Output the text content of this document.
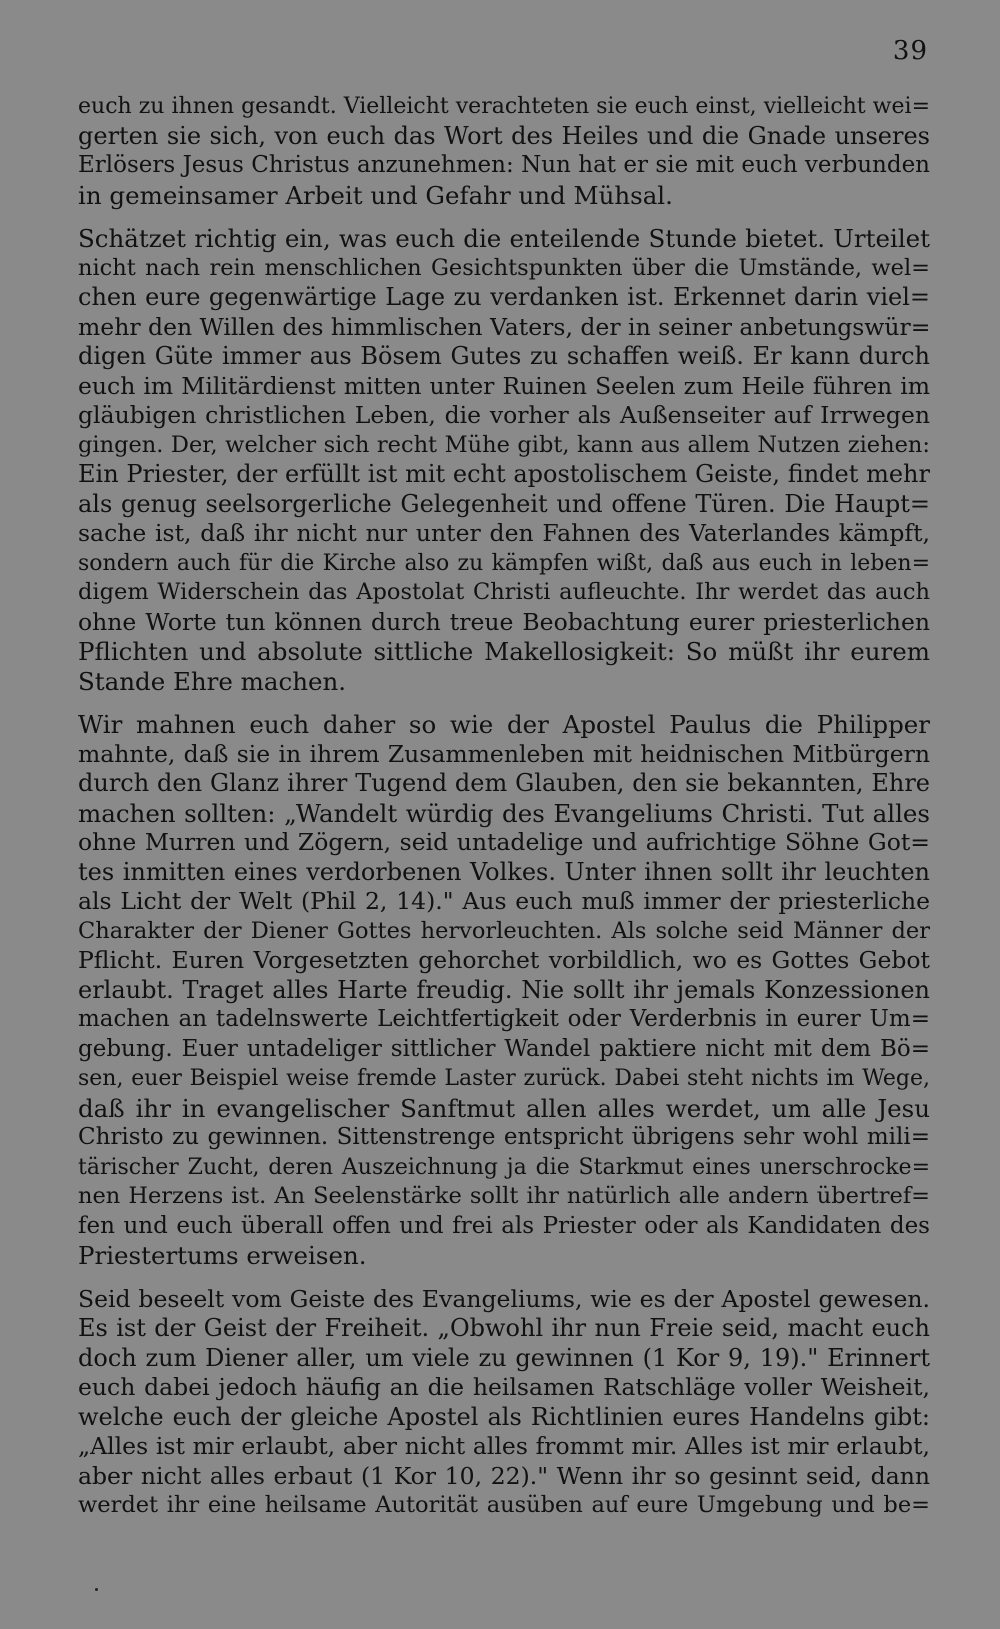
39
euch zu ihnen gesandt. Vielleicht verachteten sie euch einst, vielleicht wei=
gerten sie sich, von euch das Wort des Heiles und die Gnade unseres
Erlösers Jesus Christus anzunehmen: Nun hat er sie mit euch verbunden
in gemeinsamer Arbeit und Gefahr und Mühsal.
Schätzet richtig ein, was euch die enteilende Stunde bietet. Urteilet
nicht nach rein menschlichen Gesichtspunkten über die Umstände, wel=
chen eure gegenwärtige Lage zu verdanken ist. Erkennet darin viel=
mehr den Willen des himmlischen Vaters, der in seiner anbetungswür=
digen Güte immer aus Bösem Gutes zu schaffen weiß. Er kann durch
euch im Militärdienst mitten unter Ruinen Seelen zum Heile führen im
gläubigen christlichen Leben, die vorher als Außenseiter auf Irrwegen
gingen. Der, welcher sich recht Mühe gibt, kann aus allem Nutzen ziehen:
Ein Priester, der erfüllt ist mit echt apostolischem Geiste, findet mehr
als genug seelsorgerliche Gelegenheit und offene Türen. Die Haupt=
sache ist, daß ihr nicht nur unter den Fahnen des Vaterlandes kämpft,
sondern auch für die Kirche also zu kämpfen wißt, daß aus euch in leben=
digem Widerschein das Apostolat Christi aufleuchte. Ihr werdet das auch
ohne Worte tun können durch treue Beobachtung eurer priesterlichen
Pflichten und absolute sittliche Makellosigkeit: So müßt ihr eurem
Stande Ehre machen.
Wir mahnen euch daher so wie der Apostel Paulus die Philipper
mahnte, daß sie in ihrem Zusammenleben mit heidnischen Mitbürgern
durch den Glanz ihrer Tugend dem Glauben, den sie bekannten, Ehre
machen sollten: „Wandelt würdig des Evangeliums Christi. Tut alles
ohne Murren und Zögern, seid untadelige und aufrichtige Söhne Got=
tes inmitten eines verdorbenen Volkes. Unter ihnen sollt ihr leuchten
als Licht der Welt (Phil 2, 14)." Aus euch muß immer der priesterliche
Charakter der Diener Gottes hervorleuchten. Als solche seid Männer der
Pflicht. Euren Vorgesetzten gehorchet vorbildlich, wo es Gottes Gebot
erlaubt. Traget alles Harte freudig. Nie sollt ihr jemals Konzessionen
machen an tadelnswerte Leichtfertigkeit oder Verderbnis in eurer Um=
gebung. Euer untadeliger sittlicher Wandel paktiere nicht mit dem Bö=
sen, euer Beispiel weise fremde Laster zurück. Dabei steht nichts im Wege,
daß ihr in evangelischer Sanftmut allen alles werdet, um alle Jesu
Christo zu gewinnen. Sittenstrenge entspricht übrigens sehr wohl mili=
tärischer Zucht, deren Auszeichnung ja die Starkmut eines unerschrocke=
nen Herzens ist. An Seelenstärke sollt ihr natürlich alle andern übertref=
fen und euch überall offen und frei als Priester oder als Kandidaten des
Priestertums erweisen.
Seid beseelt vom Geiste des Evangeliums, wie es der Apostel gewesen.
Es ist der Geist der Freiheit. „Obwohl ihr nun Freie seid, macht euch
doch zum Diener aller, um viele zu gewinnen (1 Kor 9, 19)." Erinnert
euch dabei jedoch häufig an die heilsamen Ratschläge voller Weisheit,
welche euch der gleiche Apostel als Richtlinien eures Handelns gibt:
„Alles ist mir erlaubt, aber nicht alles frommt mir. Alles ist mir erlaubt,
aber nicht alles erbaut (1 Kor 10, 22)." Wenn ihr so gesinnt seid, dann
werdet ihr eine heilsame Autorität ausüben auf eure Umgebung und be=
